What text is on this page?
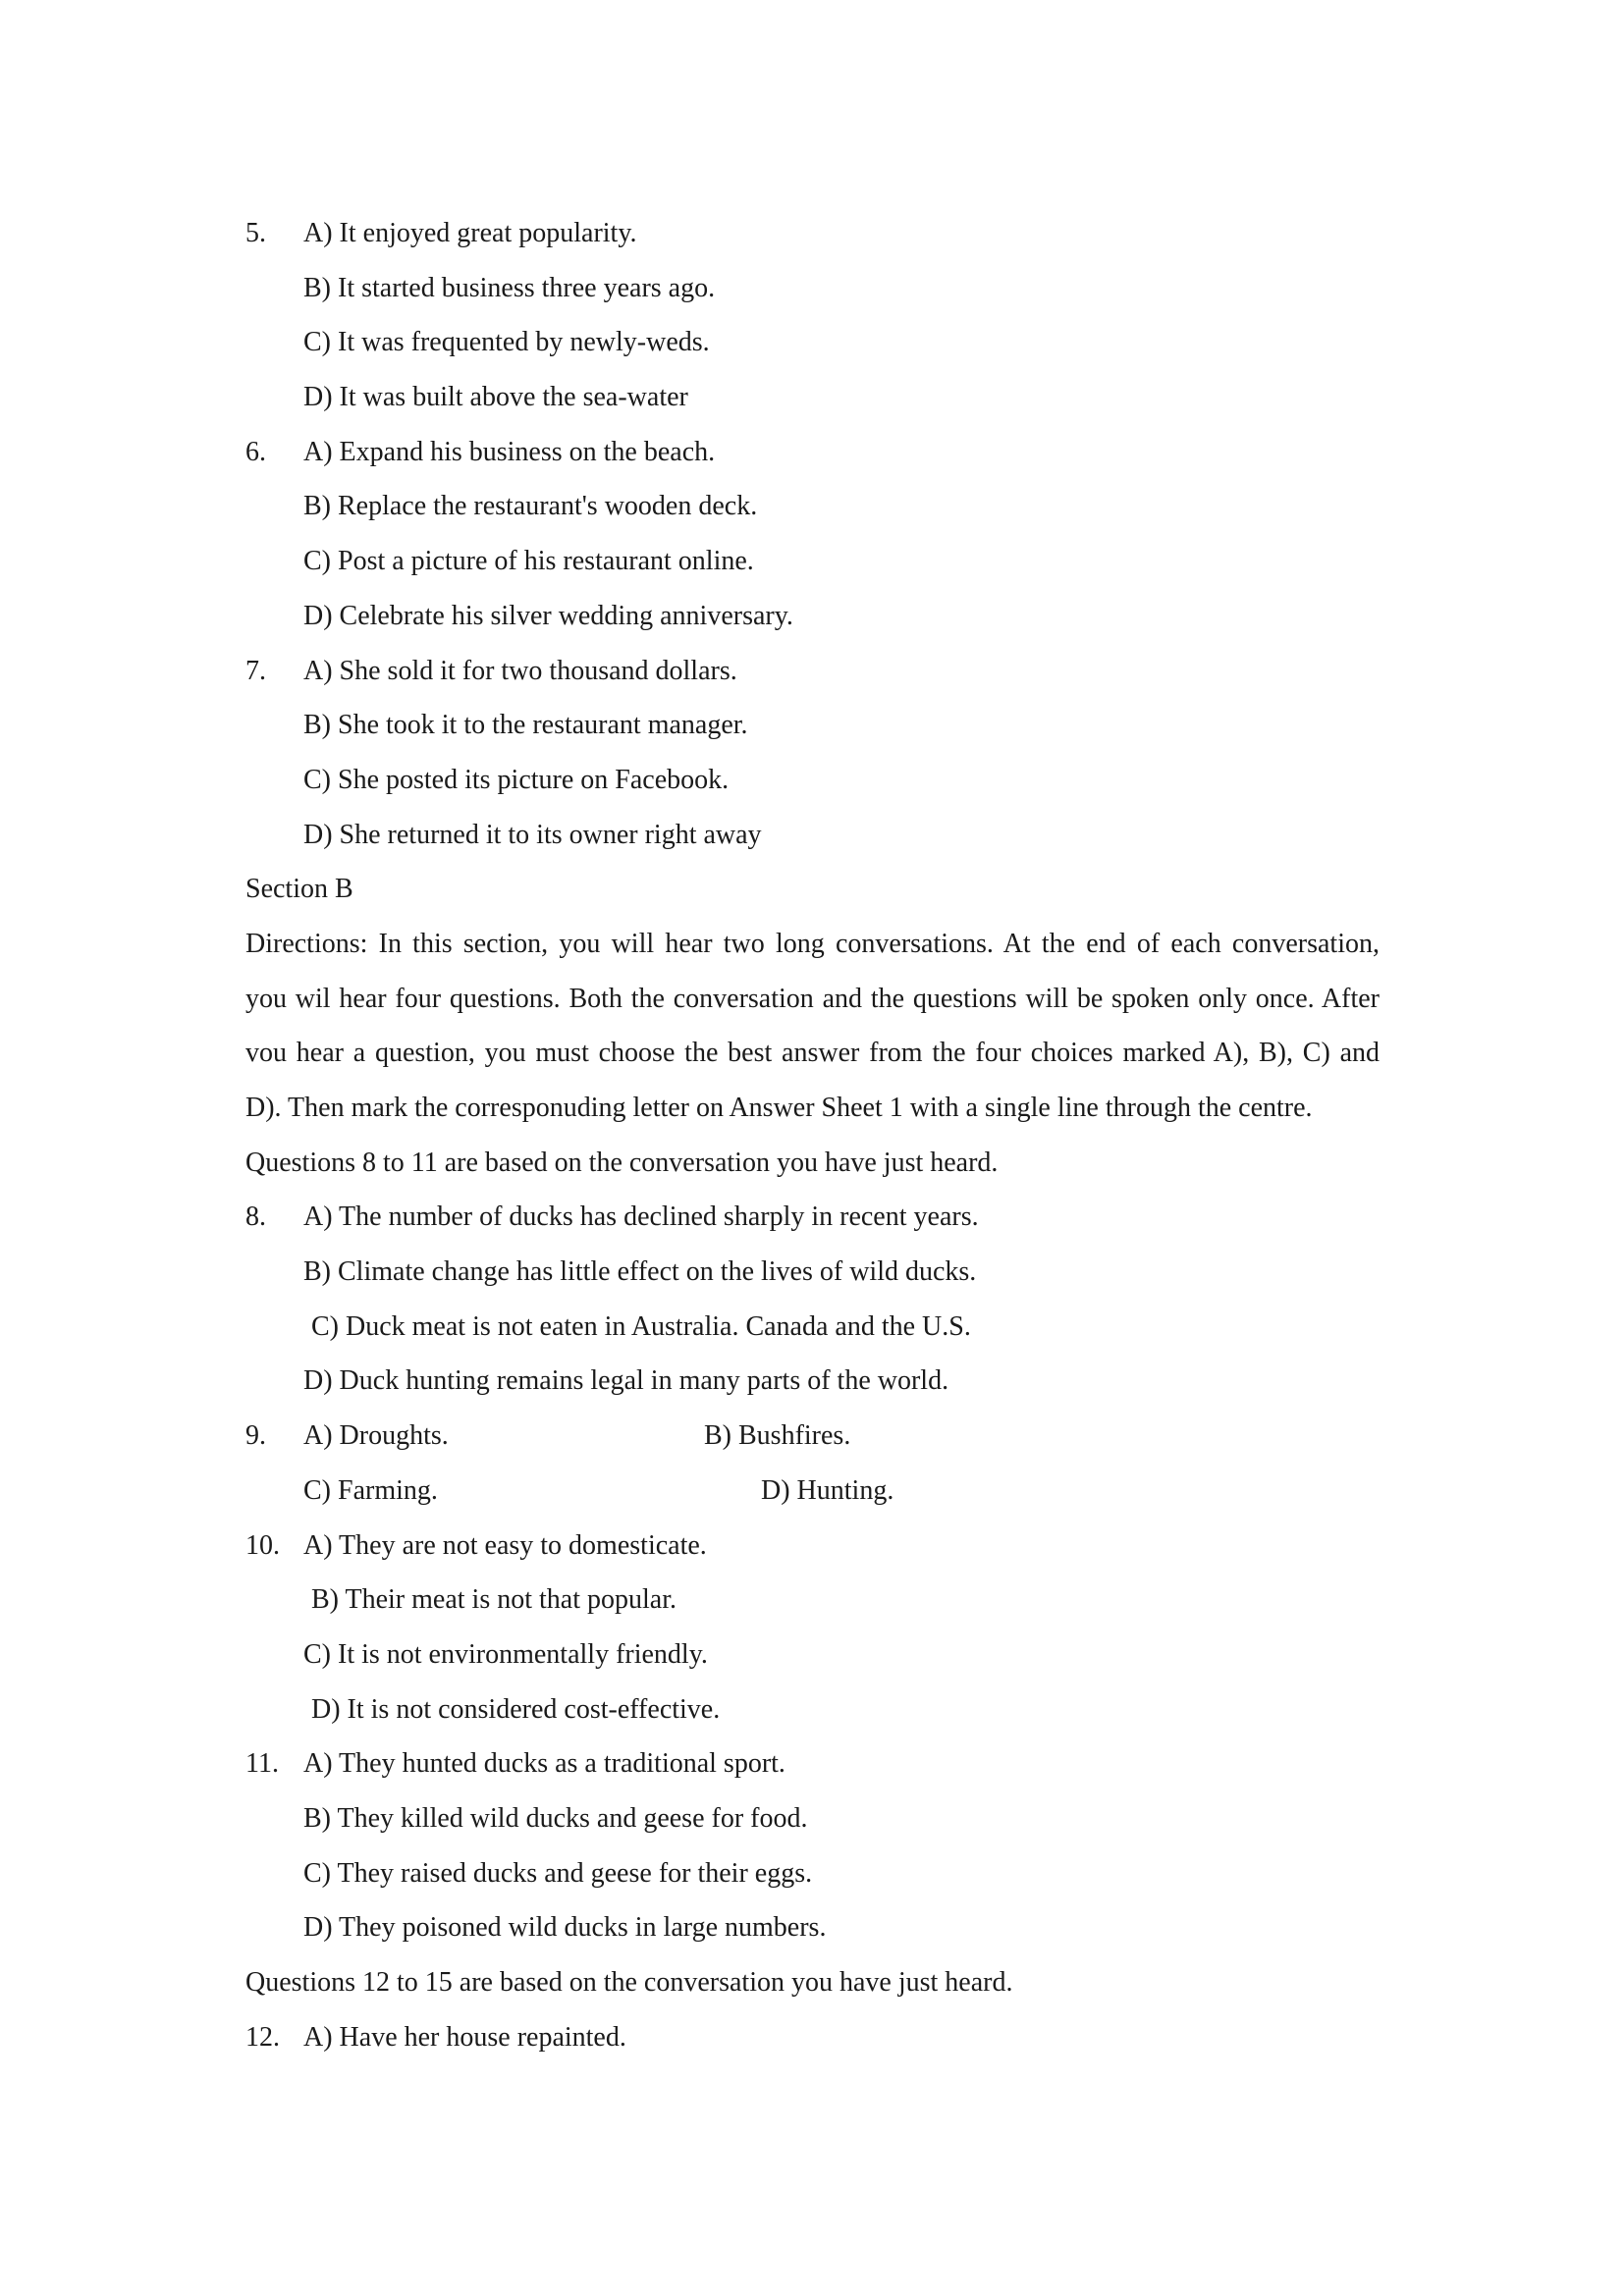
5. A) It enjoyed great popularity.
B) It started business three years ago.
C) It was frequented by newly-weds.
D) It was built above the sea-water
6. A) Expand his business on the beach.
B) Replace the restaurant's wooden deck.
C) Post a picture of his restaurant online.
D) Celebrate his silver wedding anniversary.
7. A) She sold it for two thousand dollars.
B) She took it to the restaurant manager.
C) She posted its picture on Facebook.
D) She returned it to its owner right away
Section B
Directions: In this section, you will hear two long conversations. At the end of each conversation,
you wil hear four questions. Both the conversation and the questions will be spoken only once. After
vou hear a question, you must choose the best answer from the four choices marked A), B), C) and
D). Then mark the corresponuding letter on Answer Sheet 1 with a single line through the centre.
Questions 8 to 11 are based on the conversation you have just heard.
8. A) The number of ducks has declined sharply in recent years.
B) Climate change has little effect on the lives of wild ducks.
C) Duck meat is not eaten in Australia. Canada and the U.S.
D) Duck hunting remains legal in many parts of the world.
9. A) Droughts.	B) Bushfires.
C) Farming.	D) Hunting.
10. A) They are not easy to domesticate.
B) Their meat is not that popular.
C) It is not environmentally friendly.
D) It is not considered cost-effective.
11. A) They hunted ducks as a traditional sport.
B) They killed wild ducks and geese for food.
C) They raised ducks and geese for their eggs.
D) They poisoned wild ducks in large numbers.
Questions 12 to 15 are based on the conversation you have just heard.
12. A) Have her house repainted.
